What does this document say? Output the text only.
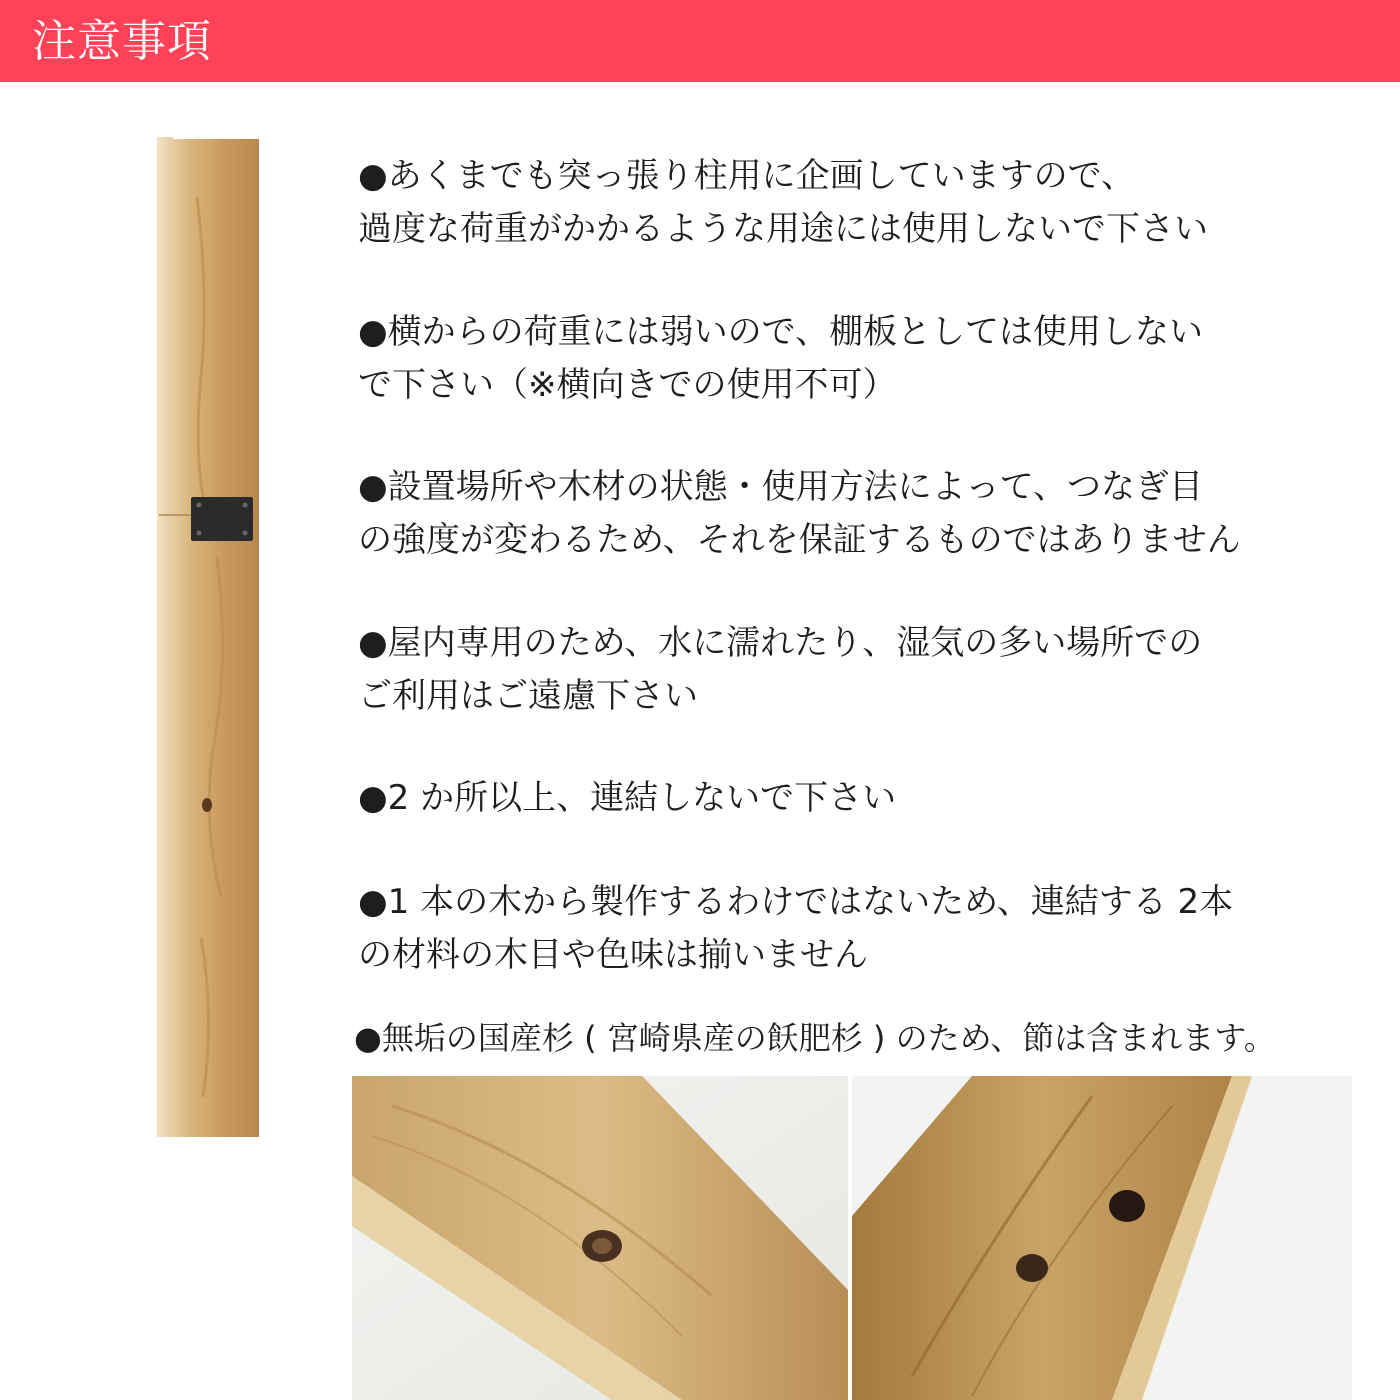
注意事項
●あくまでも突っ張り柱用に企画していますので、
過度な荷重がかかるような用途には使用しないで下さい
●横からの荷重には弱いので、棚板としては使用しない
で下さい（※横向きでの使用不可）
●設置場所や木材の状態・使用方法によって、つなぎ目
の強度が変わるため、それを保証するものではありません
●屋内専用のため、水に濡れたり、湿気の多い場所での
ご利用はご遠慮下さい
●2 か所以上、連結しないで下さい
●1 本の木から製作するわけではないため、連結する 2本
の材料の木目や色味は揃いません
●無垢の国産杉 ( 宮崎県産の飫肥杉 ) のため、節は含まれます。
